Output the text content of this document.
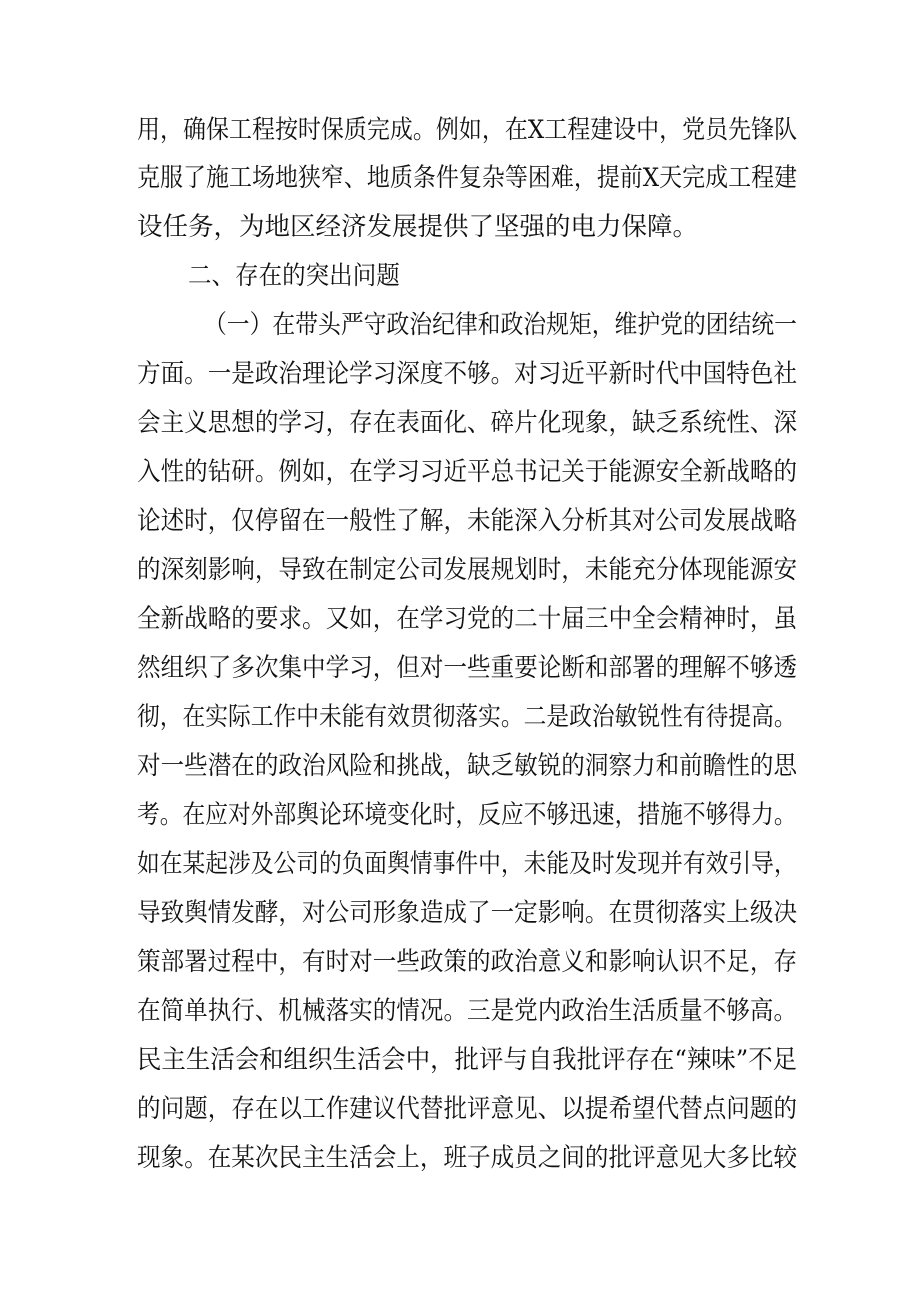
用，确保工程按时保质完成。例如，在X工程建设中，党员先锋队
克服了施工场地狭窄、地质条件复杂等困难，提前X天完成工程建
设任务，为地区经济发展提供了坚强的电力保障。
二、存在的突出问题
（一）在带头严守政治纪律和政治规矩，维护党的团结统一
方面。一是政治理论学习深度不够。对习近平新时代中国特色社
会主义思想的学习，存在表面化、碎片化现象，缺乏系统性、深
入性的钻研。例如，在学习习近平总书记关于能源安全新战略的
论述时，仅停留在一般性了解，未能深入分析其对公司发展战略
的深刻影响，导致在制定公司发展规划时，未能充分体现能源安
全新战略的要求。又如，在学习党的二十届三中全会精神时，虽
然组织了多次集中学习，但对一些重要论断和部署的理解不够透
彻，在实际工作中未能有效贯彻落实。二是政治敏锐性有待提高。
对一些潜在的政治风险和挑战，缺乏敏锐的洞察力和前瞻性的思
考。在应对外部舆论环境变化时，反应不够迅速，措施不够得力。
如在某起涉及公司的负面舆情事件中，未能及时发现并有效引导，
导致舆情发酵，对公司形象造成了一定影响。在贯彻落实上级决
策部署过程中，有时对一些政策的政治意义和影响认识不足，存
在简单执行、机械落实的情况。三是党内政治生活质量不够高。
民主生活会和组织生活会中，批评与自我批评存在“辣味”不足
的问题，存在以工作建议代替批评意见、以提希望代替点问题的
现象。在某次民主生活会上，班子成员之间的批评意见大多比较
